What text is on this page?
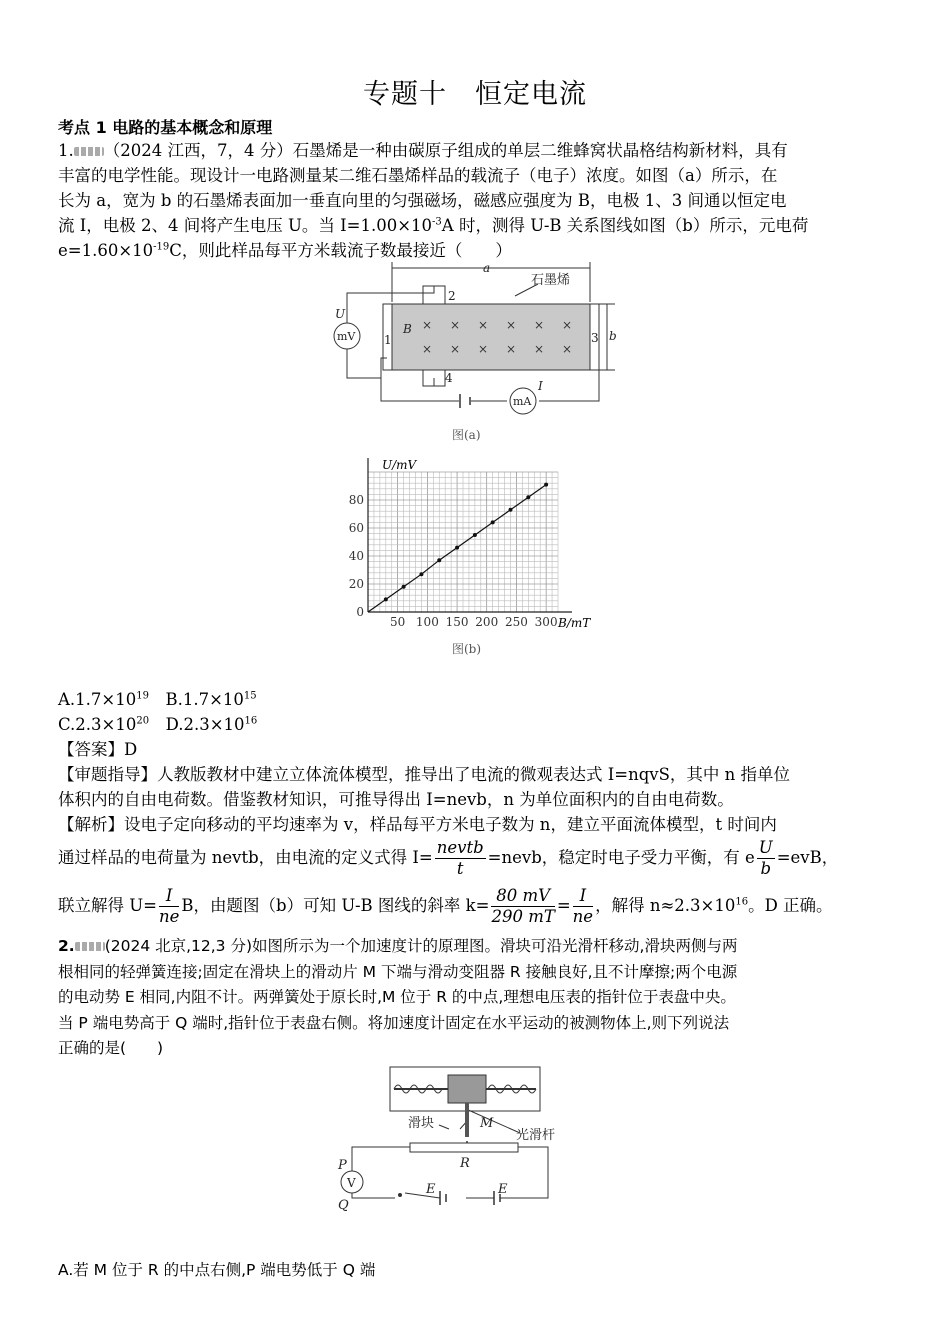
专题十　恒定电流
考点 1 电路的基本概念和原理
1. （2024 江西，7，4 分）石墨烯是一种由碳原子组成的单层二维蜂窝状晶格结构新材料，具有
丰富的电学性能。现设计一电路测量某二维石墨烯样品的载流子（电子）浓度。如图（a）所示，在
长为 a，宽为 b 的石墨烯表面加一垂直向里的匀强磁场，磁感应强度为 B，电极 1、3 间通以恒定电
流 I，电极 2、4 间将产生电压 U。当 $I=1.00\times 10^{-3}A$ 时，测得 U-B 关系图线如图（b）所示，元电荷
$e=1.60\times 10^{-19}C$，则此样品每平方米载流子数最接近（　　）
a
石墨烯
b
B
U
mV
mA
I
1
2
3
4
图(a)
× × × × × ×
× × × × × ×
50 100 150 200 250 300
0
20
40
60
80
U/mV
B/mT
图(b)
$A.1.7\times 10^{19}$　 $B.1.7\times 10^{15}$
$C.2.3\times 10^{20}$　 $D.2.3\times 10^{16}$
【答案】D
【审题指导】人教版教材中建立立体流体模型，推导出了电流的微观表达式 I=nqvS，其中 n 指单位
体积内的自由电荷数。借鉴教材知识，可推导得出 I=nevb，n 为单位面积内的自由电荷数。
【解析】设电子定向移动的平均速率为 v，样品每平方米电子数为 n，建立平面流体模型，t 时间内
通过样品的电荷量为 nevtb，由电流的定义式得 $I= \frac{\text{nevtb}}{t}$ =nevb，稳定时电子受力平衡，有 e $\frac{U}{b} =evB$，
联立解得 $U= \frac{I}{ne}$ B，由题图（b）可知 U-B 图线的斜率 $k= \frac{80 mV}{290 mT} = \frac{I}{ne}$ ，解得 $n\approx 2.3\times 10^{16}$。D 正确。
2. (2024 北京,12,3 分)如图所示为一个加速度计的原理图。滑块可沿光滑杆移动,滑块两侧与两
根相同的轻弹簧连接;固定在滑块上的滑动片 M 下端与滑动变阻器 R 接触良好,且不计摩擦;两个电源
的电动势 E 相同,内阻不计。两弹簧处于原长时,M 位于 R 的中点,理想电压表的指针位于表盘中央。
当 P 端电势高于 Q 端时,指针位于表盘右侧。将加速度计固定在水平运动的被测物体上,则下列说法
正确的是(　　)
滑块	M
光滑杆
R
P
Q
V	E	E
A.若 M 位于 R 的中点右侧,P 端电势低于 Q 端
